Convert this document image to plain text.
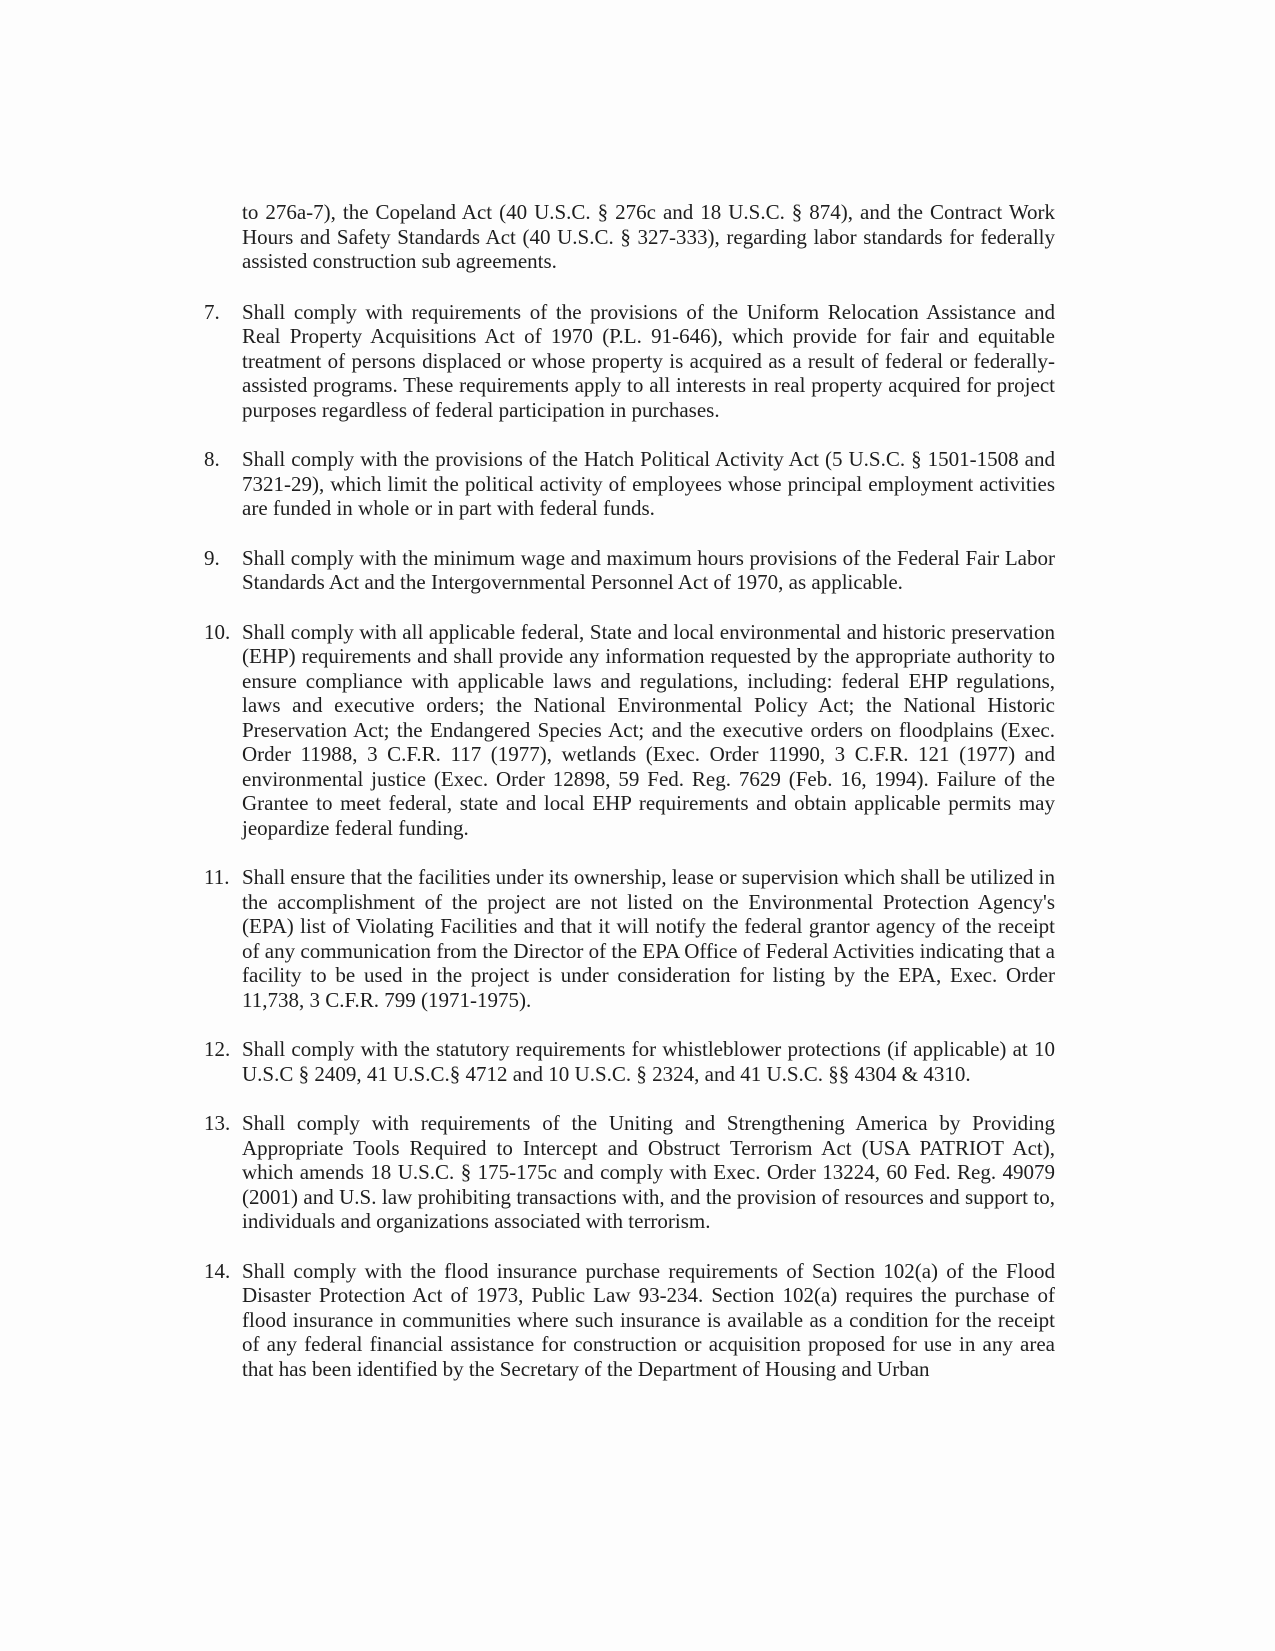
to 276a-7), the Copeland Act (40 U.S.C. § 276c and 18 U.S.C. § 874), and the Contract Work Hours and Safety Standards Act (40 U.S.C. § 327-333), regarding labor standards for federally assisted construction sub agreements.

7. Shall comply with requirements of the provisions of the Uniform Relocation Assistance and Real Property Acquisitions Act of 1970 (P.L. 91-646), which provide for fair and equitable treatment of persons displaced or whose property is acquired as a result of federal or federally-assisted programs. These requirements apply to all interests in real property acquired for project purposes regardless of federal participation in purchases.
8. Shall comply with the provisions of the Hatch Political Activity Act (5 U.S.C. § 1501-1508 and 7321-29), which limit the political activity of employees whose principal employment activities are funded in whole or in part with federal funds.
9. Shall comply with the minimum wage and maximum hours provisions of the Federal Fair Labor Standards Act and the Intergovernmental Personnel Act of 1970, as applicable.
10. Shall comply with all applicable federal, State and local environmental and historic preservation (EHP) requirements and shall provide any information requested by the appropriate authority to ensure compliance with applicable laws and regulations, including: federal EHP regulations, laws and executive orders; the National Environmental Policy Act; the National Historic Preservation Act; the Endangered Species Act; and the executive orders on floodplains (Exec. Order 11988, 3 C.F.R. 117 (1977), wetlands (Exec. Order 11990, 3 C.F.R. 121 (1977) and environmental justice (Exec. Order 12898, 59 Fed. Reg. 7629 (Feb. 16, 1994). Failure of the Grantee to meet federal, state and local EHP requirements and obtain applicable permits may jeopardize federal funding.
11. Shall ensure that the facilities under its ownership, lease or supervision which shall be utilized in the accomplishment of the project are not listed on the Environmental Protection Agency's (EPA) list of Violating Facilities and that it will notify the federal grantor agency of the receipt of any communication from the Director of the EPA Office of Federal Activities indicating that a facility to be used in the project is under consideration for listing by the EPA, Exec. Order 11,738, 3 C.F.R. 799 (1971-1975).
12. Shall comply with the statutory requirements for whistleblower protections (if applicable) at 10 U.S.C § 2409, 41 U.S.C.§ 4712 and 10 U.S.C. § 2324, and 41 U.S.C. §§ 4304 & 4310.
13. Shall comply with requirements of the Uniting and Strengthening America by Providing Appropriate Tools Required to Intercept and Obstruct Terrorism Act (USA PATRIOT Act), which amends 18 U.S.C. § 175-175c and comply with Exec. Order 13224, 60 Fed. Reg. 49079 (2001) and U.S. law prohibiting transactions with, and the provision of resources and support to, individuals and organizations associated with terrorism.
14. Shall comply with the flood insurance purchase requirements of Section 102(a) of the Flood Disaster Protection Act of 1973, Public Law 93-234. Section 102(a) requires the purchase of flood insurance in communities where such insurance is available as a condition for the receipt of any federal financial assistance for construction or acquisition proposed for use in any area that has been identified by the Secretary of the Department of Housing and Urban
